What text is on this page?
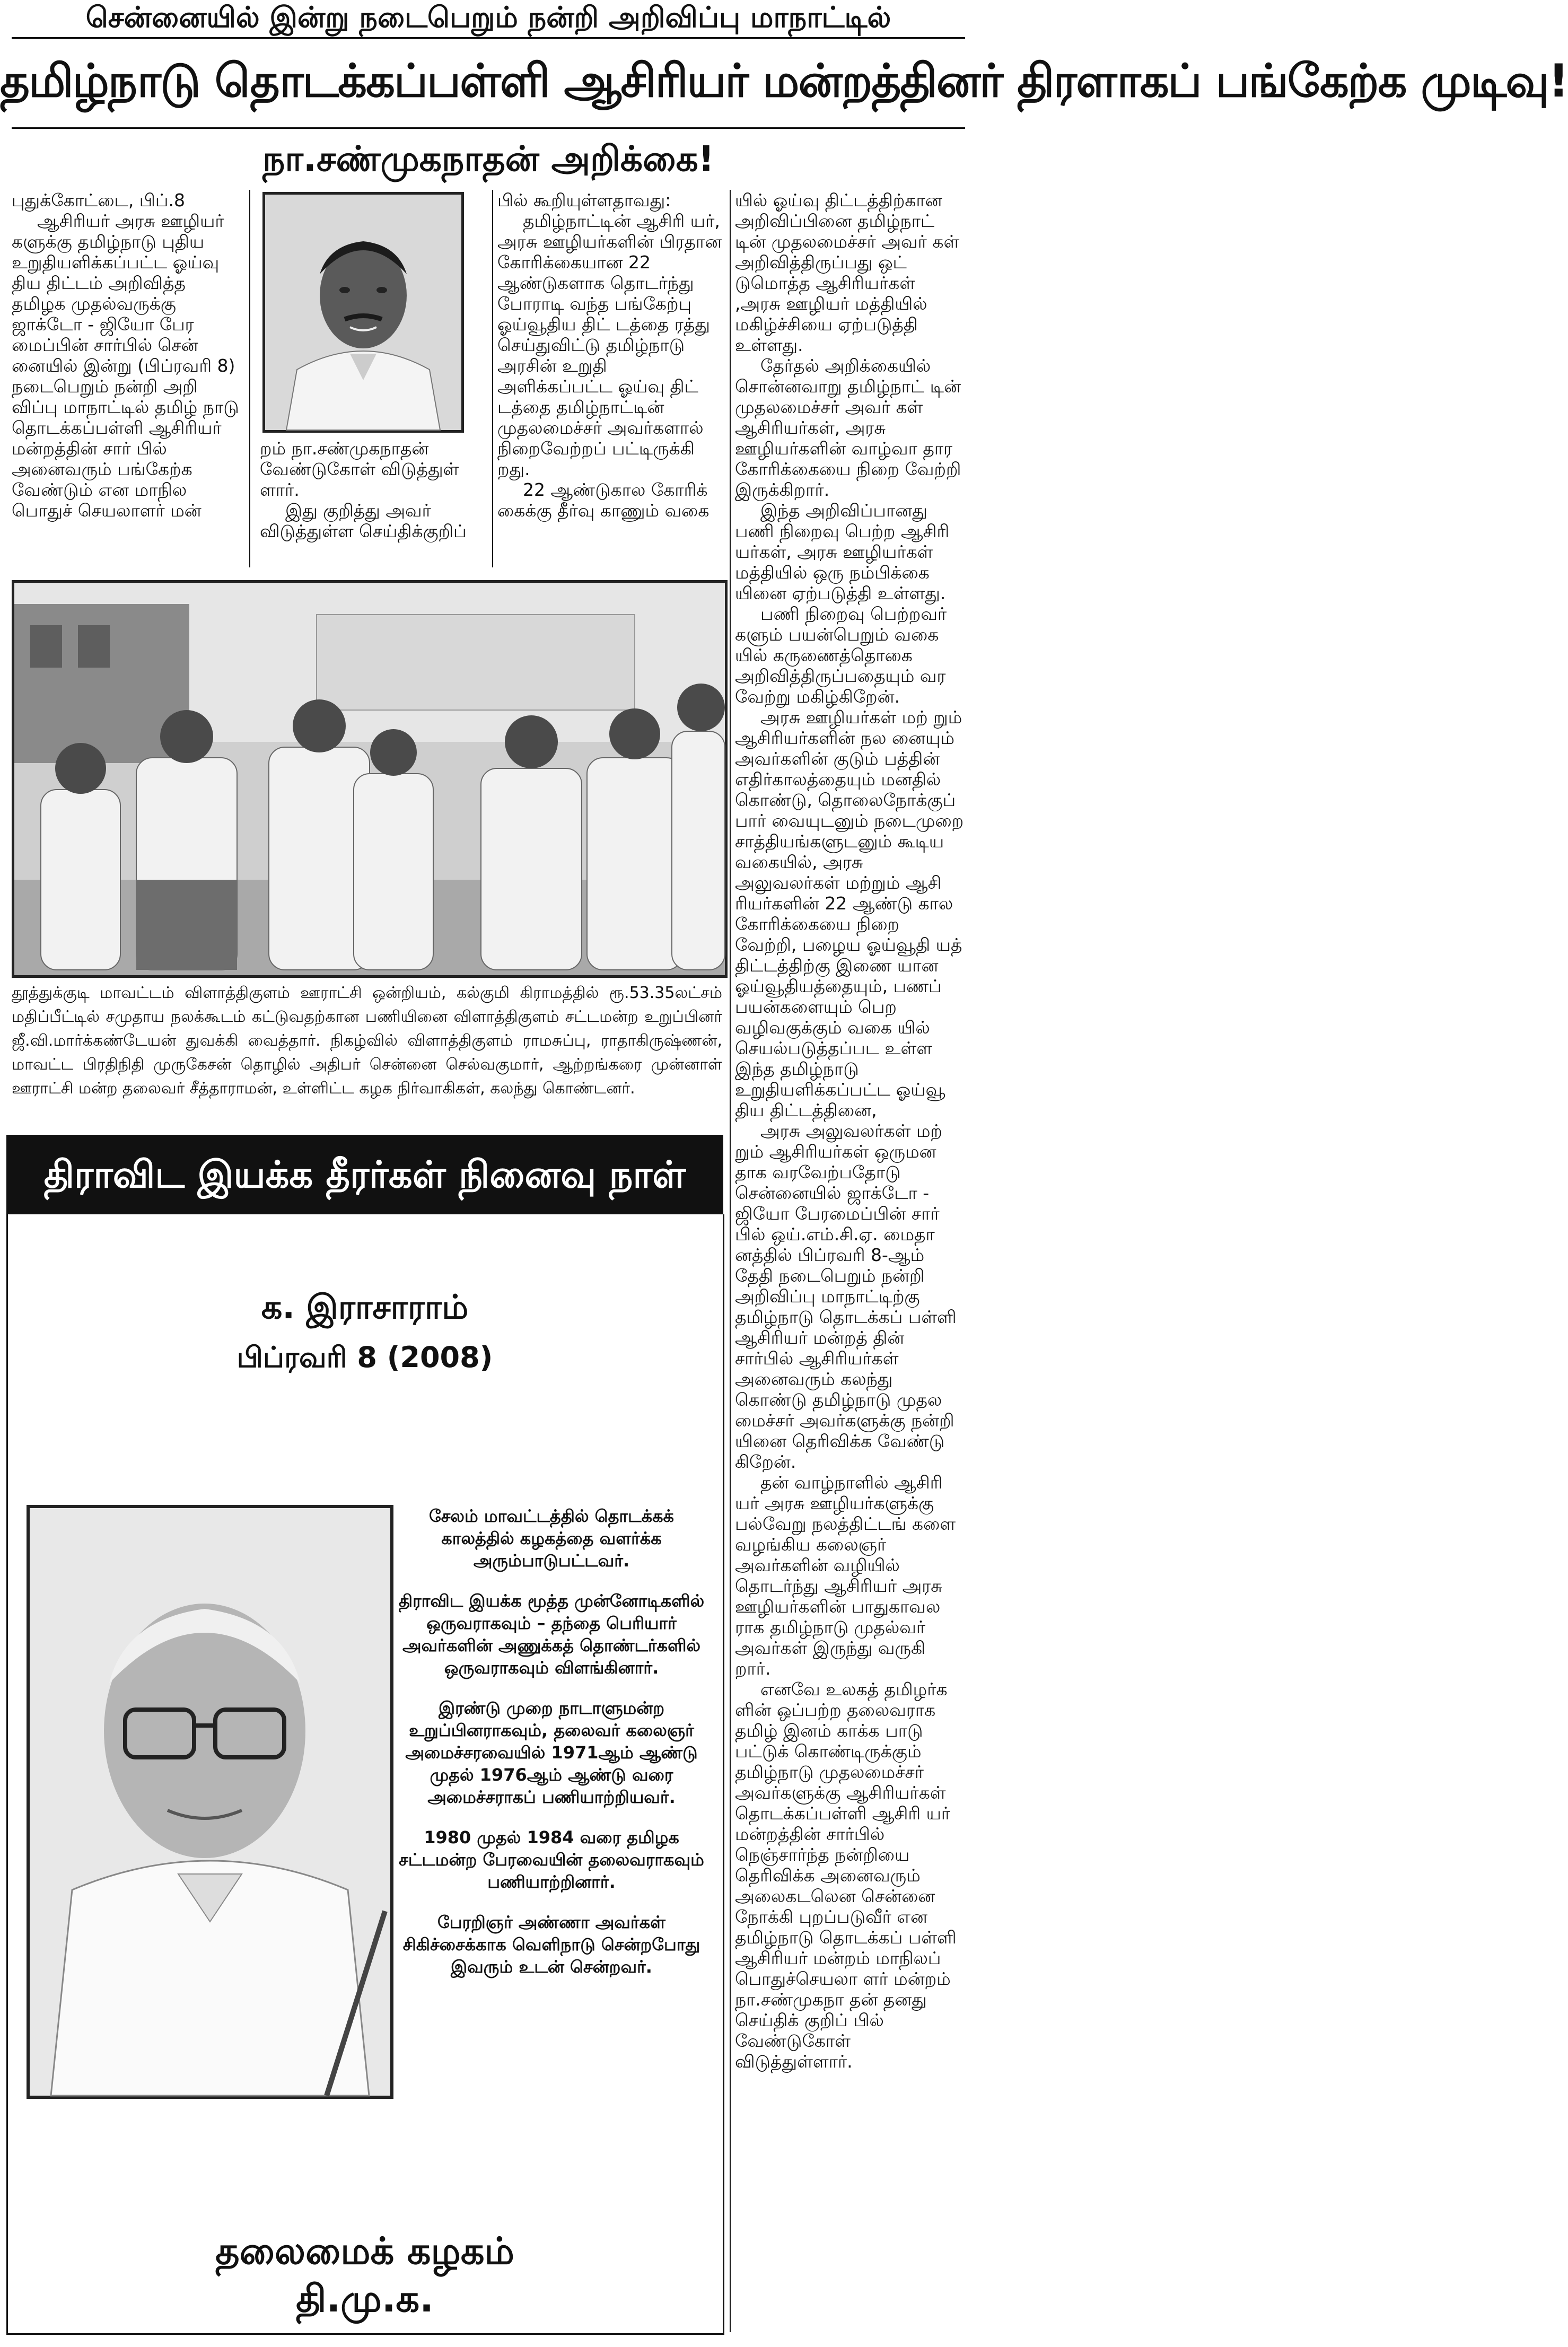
சென்னையில் இன்று நடைபெறும் நன்றி அறிவிப்பு மாநாட்டில்
தமிழ்நாடு தொடக்கப்பள்ளி ஆசிரியர் மன்றத்தினர் திரளாகப் பங்கேற்க முடிவு!
நா.சண்முகநாதன் அறிக்கை!

புதுக்கோட்டை, பிப்.8

ஆசிரியர் அரசு ஊழியர் களுக்கு தமிழ்நாடு புதிய உறுதியளிக்கப்பட்ட ஓய்வு திய திட்டம் அறிவித்த தமிழக முதல்வருக்கு ஜாக்டோ - ஜியோ பேர மைப்பின் சார்பில் சென் னையில் இன்று (பிப்ரவரி 8) நடைபெறும் நன்றி அறி விப்பு மாநாட்டில் தமிழ் நாடு தொடக்கப்பள்ளி ஆசிரியர் மன்றத்தின் சார் பில் அனைவரும் பங்கேற்க வேண்டும் என மாநில பொதுச் செயலாளர் மன்

றம் நா.சண்முகநாதன் வேண்டுகோள் விடுத்துள் ளார்.

இது குறித்து அவர் விடுத்துள்ள செய்திக்குறிப்

பில் கூறியுள்ளதாவது:

தமிழ்நாட்டின் ஆசிரி யர், அரசு ஊழியர்களின் பிரதான கோரிக்கையான 22 ஆண்டுகளாக தொடர்ந்து போராடி வந்த பங்கேற்பு ஓய்வூதிய திட் டத்தை ரத்து செய்துவிட்டு தமிழ்நாடு அரசின் உறுதி அளிக்கப்பட்ட ஓய்வு திட் டத்தை தமிழ்நாட்டின் முதலமைச்சர் அவர்களால் நிறைவேற்றப் பட்டிருக்கி றது.

22 ஆண்டுகால கோரிக் கைக்கு தீர்வு காணும் வகை

யில் ஓய்வு திட்டத்திற்கான அறிவிப்பினை தமிழ்நாட் டின் முதலமைச்சர் அவர் கள் அறிவித்திருப்பது ஒட் டுமொத்த ஆசிரியர்கள் ,அரசு ஊழியர் மத்தியில் மகிழ்ச்சியை ஏற்படுத்தி உள்ளது.

தேர்தல் அறிக்கையில் சொன்னவாறு தமிழ்நாட் டின் முதலமைச்சர் அவர் கள் ஆசிரியர்கள், அரசு ஊழியர்களின் வாழ்வா தார கோரிக்கையை நிறை வேற்றி இருக்கிறார்.

இந்த அறிவிப்பானது பணி நிறைவு பெற்ற ஆசிரி யர்கள், அரசு ஊழியர்கள் மத்தியில் ஒரு நம்பிக்கை யினை ஏற்படுத்தி உள்ளது.

பணி நிறைவு பெற்றவர் களும் பயன்பெறும் வகை யில் கருணைத்தொகை அறிவித்திருப்பதையும் வர வேற்று மகிழ்கிறேன்.

அரசு ஊழியர்கள் மற் றும் ஆசிரியர்களின் நல னையும் அவர்களின் குடும் பத்தின் எதிர்காலத்தையும் மனதில் கொண்டு, தொலைநோக்குப் பார் வையுடனும் நடைமுறை சாத்தியங்களுடனும் கூடிய வகையில், அரசு அலுவலர்கள் மற்றும் ஆசி ரியர்களின் 22 ஆண்டு கால கோரிக்கையை நிறை வேற்றி, பழைய ஓய்வூதி யத் திட்டத்திற்கு இணை யான ஓய்வூதியத்தையும், பணப் பயன்களையும் பெற வழிவகுக்கும் வகை யில் செயல்படுத்தப்பட உள்ள இந்த தமிழ்நாடு உறுதியளிக்கப்பட்ட ஓய்வூ திய திட்டத்தினை,

அரசு அலுவலர்கள் மற் றும் ஆசிரியர்கள் ஒருமன தாக வரவேற்பதோடு சென்னையில் ஜாக்டோ - ஜியோ பேரமைப்பின் சார் பில் ஒய்.எம்.சி.ஏ. மைதா னத்தில் பிப்ரவரி 8-ஆம் தேதி நடைபெறும் நன்றி அறிவிப்பு மாநாட்டிற்கு தமிழ்நாடு தொடக்கப் பள்ளி ஆசிரியர் மன்றத் தின் சார்பில் ஆசிரியர்கள் அனைவரும் கலந்து கொண்டு தமிழ்நாடு முதல மைச்சர் அவர்களுக்கு நன்றி யினை தெரிவிக்க வேண்டு கிறேன்.

தன் வாழ்நாளில் ஆசிரி யர் அரசு ஊழியர்களுக்கு பல்வேறு நலத்திட்டங் களை வழங்கிய கலைஞர் அவர்களின் வழியில் தொடர்ந்து ஆசிரியர் அரசு ஊழியர்களின் பாதுகாவல ராக தமிழ்நாடு முதல்வர் அவர்கள் இருந்து வருகி றார்.

எனவே உலகத் தமிழர்க ளின் ஒப்பற்ற தலைவராக தமிழ் இனம் காக்க பாடு பட்டுக் கொண்டிருக்கும் தமிழ்நாடு முதலமைச்சர் அவர்களுக்கு ஆசிரியர்கள் தொடக்கப்பள்ளி ஆசிரி யர் மன்றத்தின் சார்பில் நெஞ்சார்ந்த நன்றியை தெரிவிக்க அனைவரும் அலைகடலென சென்னை நோக்கி புறப்படுவீர் என தமிழ்நாடு தொடக்கப் பள்ளி ஆசிரியர் மன்றம் மாநிலப் பொதுச்செயலா ளர் மன்றம் நா.சண்முகநா தன் தனது செய்திக் குறிப் பில் வேண்டுகோள் விடுத்துள்ளார்.

தூத்துக்குடி மாவட்டம் விளாத்திகுளம் ஊராட்சி ஒன்றியம், கல்குமி கிராமத்தில் ரூ.53.35லட்சம் மதிப்பீட்டில் சமுதாய நலக்கூடம் கட்டுவதற்கான பணியினை விளாத்திகுளம் சட்டமன்ற உறுப்பினர் ஜீ.வி.மார்க்கண்டேயன் துவக்கி வைத்தார். நிகழ்வில் விளாத்திகுளம் ராமசுப்பு, ராதாகிருஷ்ணன், மாவட்ட பிரதிநிதி முருகேசன் தொழில் அதிபர் சென்னை செல்வகுமார், ஆற்றங்கரை முன்னாள் ஊராட்சி மன்ற தலைவர் சீத்தாராமன், உள்ளிட்ட கழக நிர்வாகிகள், கலந்து கொண்டனர்.
திராவிட இயக்க தீரர்கள் நினைவு நாள்
க. இராசாராம்
பிப்ரவரி 8 (2008)

சேலம் மாவட்டத்தில் தொடக்கக் காலத்தில் கழகத்தை வளர்க்க அரும்பாடுபட்டவர்.

திராவிட இயக்க மூத்த முன்னோடிகளில் ஒருவராகவும் – தந்தை பெரியார் அவர்களின் அணுக்கத் தொண்டர்களில் ஒருவராகவும் விளங்கினார்.

இரண்டு முறை நாடாளுமன்ற உறுப்பினராகவும், தலைவர் கலைஞர் அமைச்சரவையில் 1971ஆம் ஆண்டு முதல் 1976ஆம் ஆண்டு வரை அமைச்சராகப் பணியாற்றியவர்.

1980 முதல் 1984 வரை தமிழக சட்டமன்ற பேரவையின் தலைவராகவும் பணியாற்றினார்.

பேரறிஞர் அண்ணா அவர்கள் சிகிச்சைக்காக வெளிநாடு சென்றபோது இவரும் உடன் சென்றவர்.

தலைமைக் கழகம்
தி.மு.க.
